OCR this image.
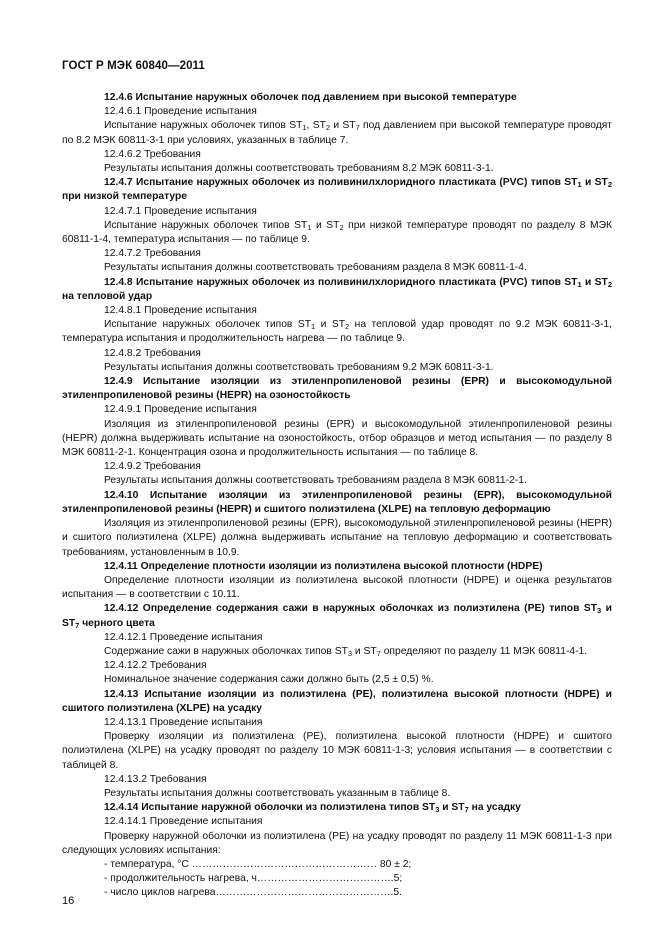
ГОСТ Р МЭК 60840—2011

12.4.6 Испытание наружных оболочек под давлением при высокой температуре

12.4.6.1 Проведение испытания

Испытание наружных оболочек типов $ST_1$, $ST_2$ и $ST_7$ под давлением при высокой температуре проводят по 8.2 МЭК 60811-3-1 при условиях, указанных в таблице 7.

12.4.6.2 Требования

Результаты испытания должны соответствовать требованиям 8.2 МЭК 60811-3-1.

12.4.7 Испытание наружных оболочек из поливинилхлоридного пластиката (PVC) типов $ST_1$ и $ST_2$ при низкой температуре

12.4.7.1 Проведение испытания

Испытание наружных оболочек типов $ST_1$ и $ST_2$ при низкой температуре проводят по разделу 8 МЭК 60811-1-4, температура испытания — по таблице 9.

12.4.7.2 Требования

Результаты испытания должны соответствовать требованиям раздела 8 МЭК 60811-1-4.

12.4.8 Испытание наружных оболочек из поливинилхлоридного пластиката (PVC) типов $ST_1$ и $ST_2$ на тепловой удар

12.4.8.1 Проведение испытания

Испытание наружных оболочек типов $ST_1$ и $ST_2$ на тепловой удар проводят по 9.2 МЭК 60811-3-1, температура испытания и продолжительность нагрева — по таблице 9.

12.4.8.2 Требования

Результаты испытания должны соответствовать требованиям 9.2 МЭК 60811-3-1.

12.4.9 Испытание изоляции из этиленпропиленовой резины (EPR) и высокомодульной этиленпропиленовой резины (HEPR) на озоностойкость

12.4.9.1 Проведение испытания

Изоляция из этиленпропиленовой резины (EPR) и высокомодульной этиленпропиленовой резины (HEPR) должна выдерживать испытание на озоностойкость, отбор образцов и метод испытания — по разделу 8 МЭК 60811-2-1. Концентрация озона и продолжительность испытания — по таблице 8.

12.4.9.2 Требования

Результаты испытания должны соответствовать требованиям раздела 8 МЭК 60811-2-1.

12.4.10 Испытание изоляции из этиленпропиленовой резины (EPR), высокомодульной этиленпропиленовой резины (HEPR) и сшитого полиэтилена (XLPE) на тепловую деформацию

Изоляция из этиленпропиленовой резины (EPR), высокомодульной этиленпропиленовой резины (HEPR) и сшитого полиэтилена (XLPE) должна выдерживать испытание на тепловую деформацию и соответствовать требованиям, установленным в 10.9.

12.4.11 Определение плотности изоляции из полиэтилена высокой плотности (HDPE)

Определение плотности изоляции из полиэтилена высокой плотности (HDPE) и оценка результатов испытания — в соответствии с 10.11.

12.4.12 Определение содержания сажи в наружных оболочках из полиэтилена (PE) типов $ST_3$ и $ST_7$ черного цвета

12.4.12.1 Проведение испытания

Содержание сажи в наружных оболочках типов $ST_3$ и $ST_7$ определяют по разделу 11 МЭК 60811-4-1.

12.4.12.2 Требования

Номинальное значение содержания сажи должно быть (2,5 ± 0,5) %.

12.4.13 Испытание изоляции из полиэтилена (PE), полиэтилена высокой плотности (HDPE) и сшитого полиэтилена (XLPE) на усадку

12.4.13.1 Проведение испытания

Проверку изоляции из полиэтилена (PE), полиэтилена высокой плотности (HDPE) и сшитого полиэтилена (XLPE) на усадку проводят по разделу 10 МЭК 60811-1-3; условия испытания — в соответствии с таблицей 8.

12.4.13.2 Требования

Результаты испытания должны соответствовать указанным в таблице 8.

12.4.14 Испытание наружной оболочки из полиэтилена типов $ST_3$ и $ST_7$ на усадку

12.4.14.1 Проведение испытания

Проверку наружной оболочки из полиэтилена (PE) на усадку проводят по разделу 11 МЭК 60811-1-3 при следующих условиях испытания:

- температура, °C ……………………………………………… 80 ± 2;

- продолжительность нагрева, ч………………………………….5;

- число циклов нагрева…………………………………………….5.

16
